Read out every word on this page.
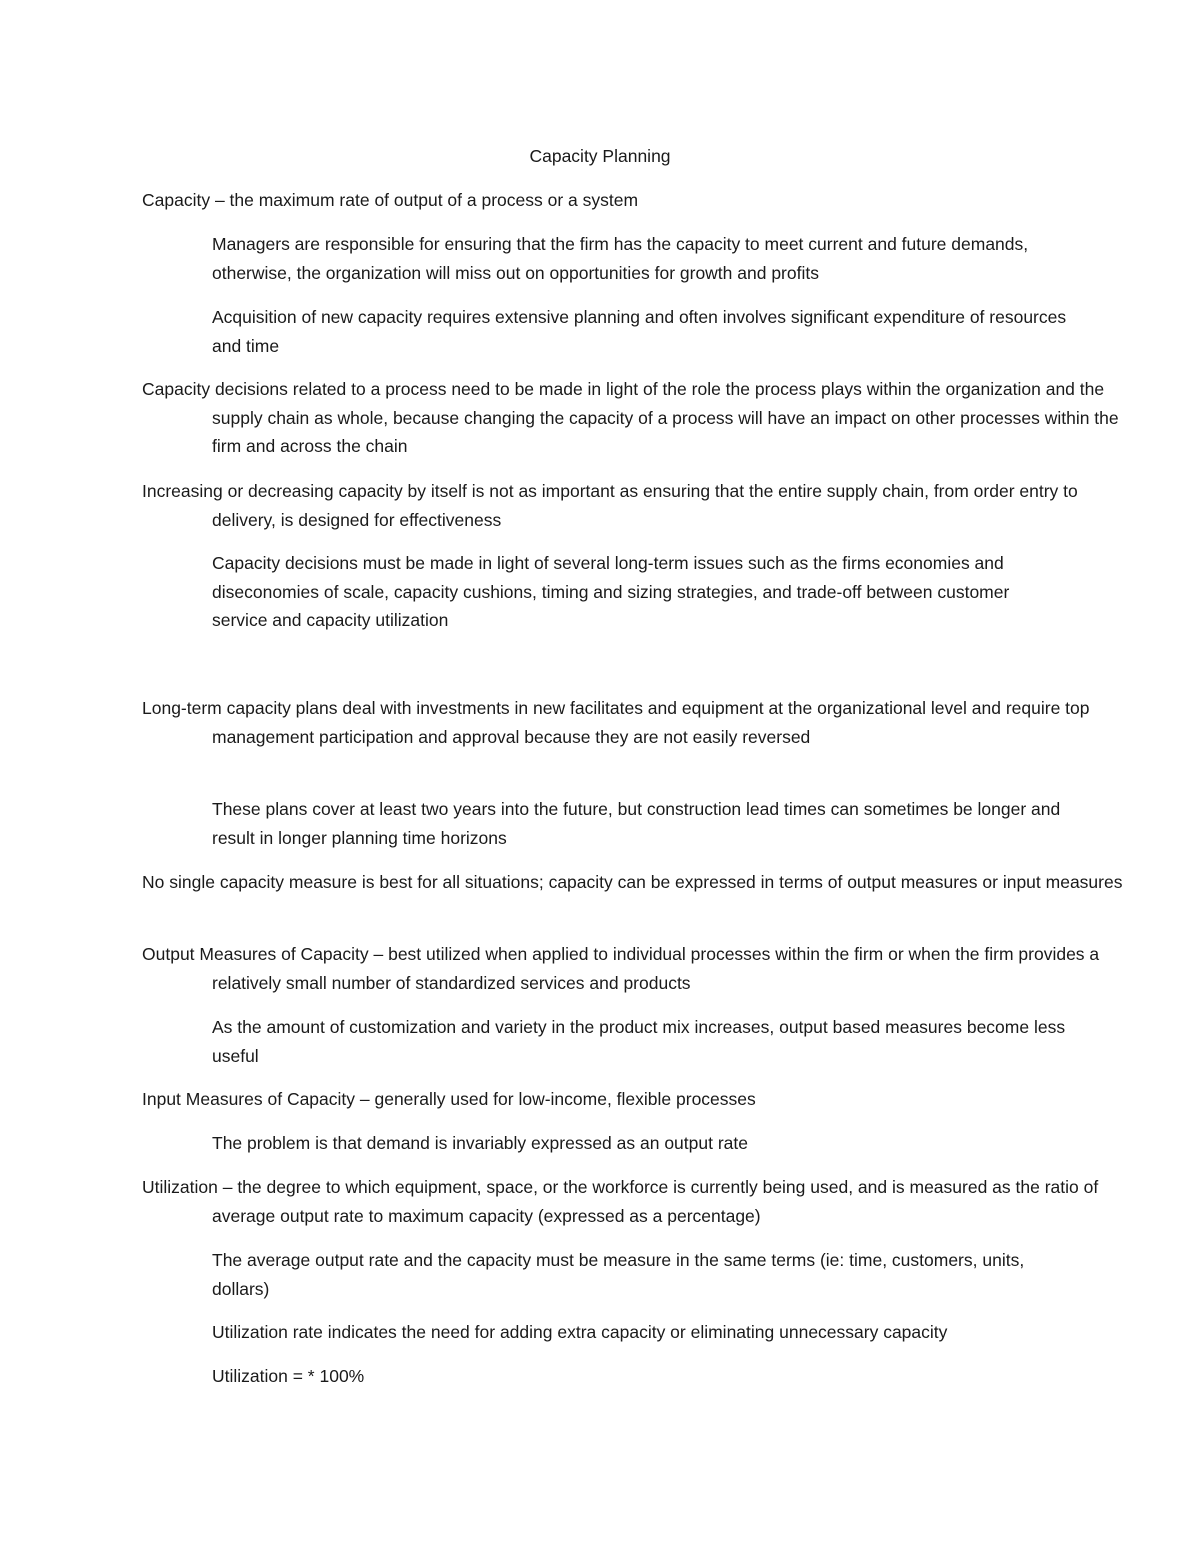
Capacity Planning

Capacity – the maximum rate of output of a process or a system

Managers are responsible for ensuring that the firm has the capacity to meet current and future demands, otherwise, the organization will miss out on opportunities for growth and profits

Acquisition of new capacity requires extensive planning and often involves significant expenditure of resources and time

Capacity decisions related to a process need to be made in light of the role the process plays within the organization and the supply chain as whole, because changing the capacity of a process will have an impact on other processes within the firm and across the chain

Increasing or decreasing capacity by itself is not as important as ensuring that the entire supply chain, from order entry to delivery, is designed for effectiveness

Capacity decisions must be made in light of several long-term issues such as the firms economies and diseconomies of scale, capacity cushions, timing and sizing strategies, and trade-off between customer service and capacity utilization

Long-term capacity plans deal with investments in new facilitates and equipment at the organizational level and require top management participation and approval because they are not easily reversed

These plans cover at least two years into the future, but construction lead times can sometimes be longer and result in longer planning time horizons

No single capacity measure is best for all situations; capacity can be expressed in terms of output measures or input measures

Output Measures of Capacity – best utilized when applied to individual processes within the firm or when the firm provides a relatively small number of standardized services and products

As the amount of customization and variety in the product mix increases, output based measures become less useful

Input Measures of Capacity – generally used for low-income, flexible processes

The problem is that demand is invariably expressed as an output rate

Utilization – the degree to which equipment, space, or the workforce is currently being used, and is measured as the ratio of average output rate to maximum capacity (expressed as a percentage)

The average output rate and the capacity must be measure in the same terms (ie: time, customers, units, dollars)

Utilization rate indicates the need for adding extra capacity or eliminating unnecessary capacity

Utilization = * 100%
